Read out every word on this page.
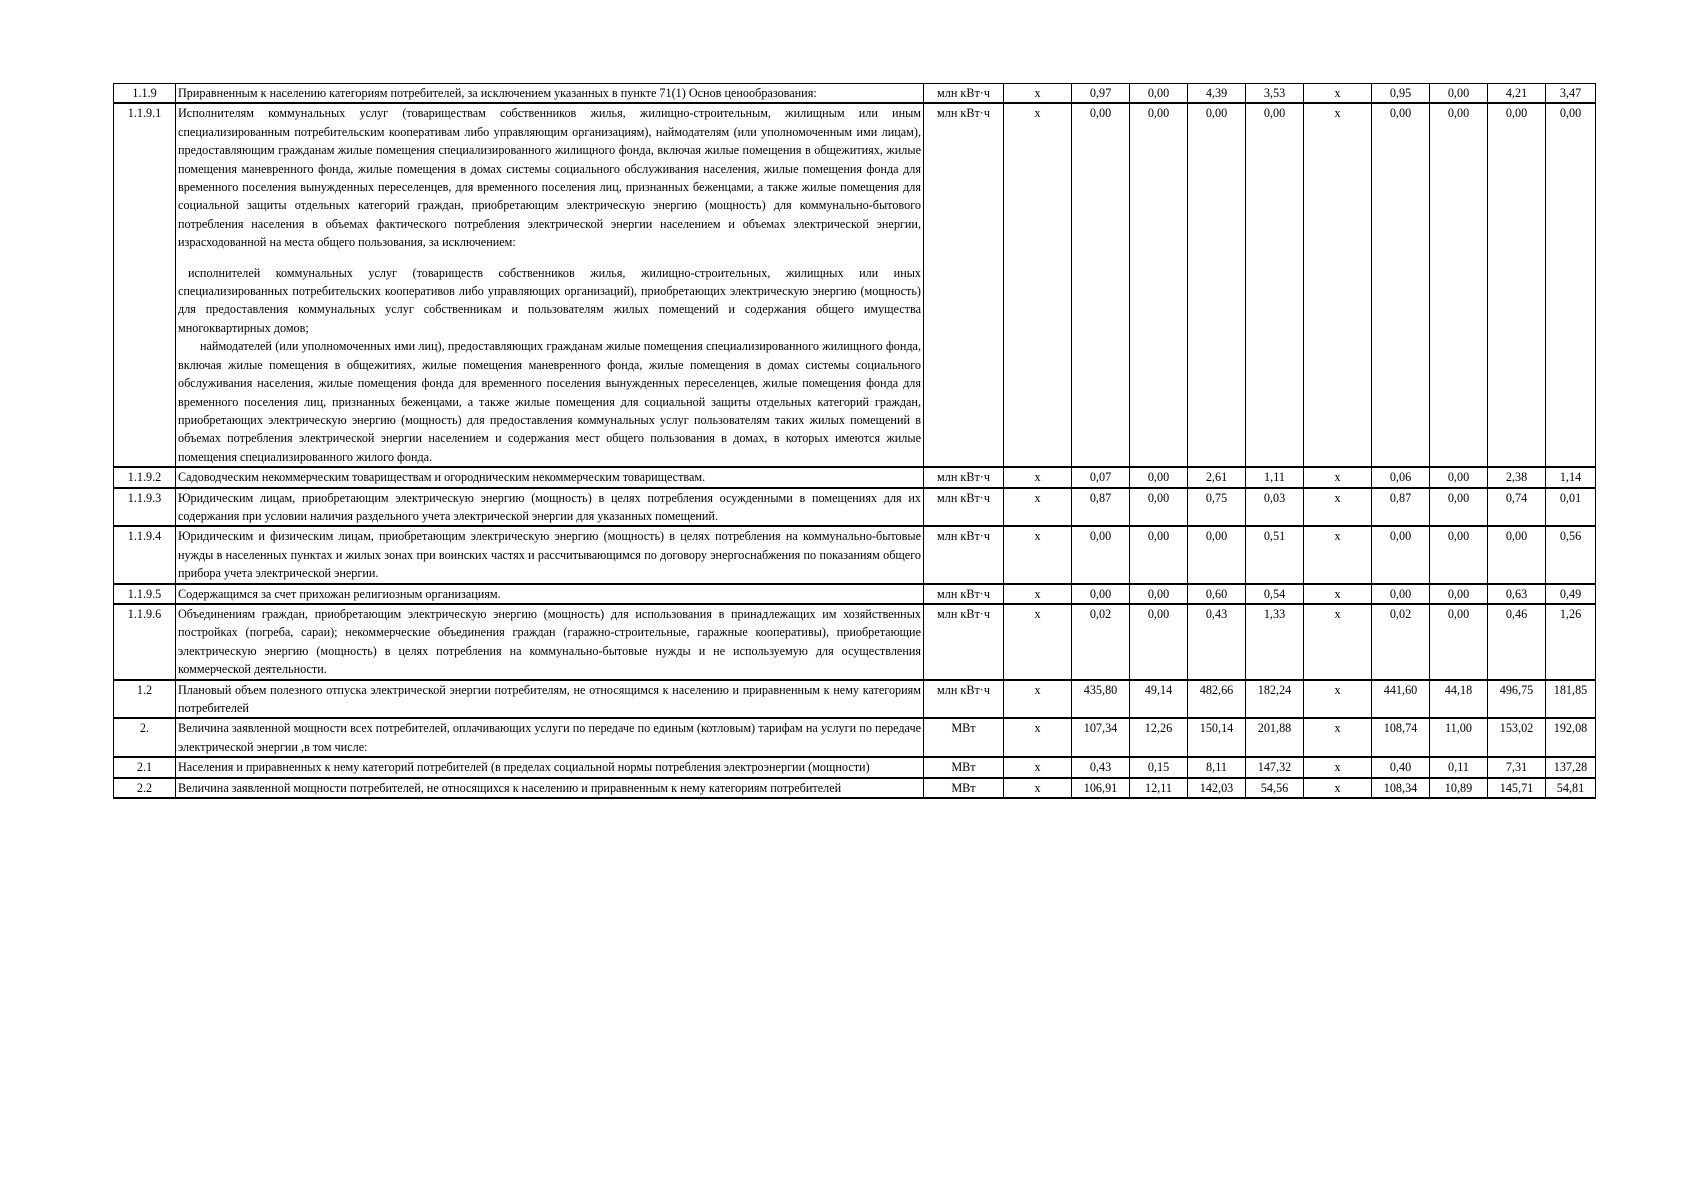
1.1.9	Приравненным к населению категориям потребителей, за исключением указанных в пункте 71(1) Основ ценообразования:	млн кВт·ч	x	0,97	0,00	4,39	3,53	x	0,95	0,00	4,21	3,47
1.1.9.1	Исполнителям коммунальных услуг (товариществам собственников жилья, жилищно-строительным, жилищным или иным специализированным потребительским кооперативам либо управляющим организациям), наймодателям (или уполномоченным ими лицам), предоставляющим гражданам жилые помещения специализированного жилищного фонда, включая жилые помещения в общежитиях, жилые помещения маневренного фонда, жилые помещения в домах системы социального обслуживания населения, жилые помещения фонда для временного поселения вынужденных переселенцев, для временного поселения лиц, признанных беженцами, а также жилые помещения для социальной защиты отдельных категорий граждан, приобретающим электрическую энергию (мощность) для коммунально-бытового потребления населения в объемах фактического потребления электрической энергии населением и объемах электрической энергии, израсходованной на места общего пользования, за исключением:

исполнителей коммунальных услуг (товариществ собственников жилья, жилищно-строительных, жилищных или иных специализированных потребительских кооперативов либо управляющих организаций), приобретающих электрическую энергию (мощность) для предоставления коммунальных услуг собственникам и пользователям жилых помещений и содержания общего имущества многоквартирных домов;

наймодателей (или уполномоченных ими лиц), предоставляющих гражданам жилые помещения специализированного жилищного фонда, включая жилые помещения в общежитиях, жилые помещения маневренного фонда, жилые помещения в домах системы социального обслуживания населения, жилые помещения фонда для временного поселения вынужденных переселенцев, жилые помещения фонда для временного поселения лиц, признанных беженцами, а также жилые помещения для социальной защиты отдельных категорий граждан, приобретающих электрическую энергию (мощность) для предоставления коммунальных услуг пользователям таких жилых помещений в объемах потребления электрической энергии населением и содержания мест общего пользования в домах, в которых имеются жилые помещения специализированного жилого фонда.	млн кВт·ч	x	0,00	0,00	0,00	0,00	x	0,00	0,00	0,00	0,00
1.1.9.2	Садоводческим некоммерческим товариществам и огородническим некоммерческим товариществам.	млн кВт·ч	x	0,07	0,00	2,61	1,11	x	0,06	0,00	2,38	1,14
1.1.9.3	Юридическим лицам, приобретающим электрическую энергию (мощность) в целях потребления осужденными в помещениях для их содержания при условии наличия раздельного учета электрической энергии для указанных помещений.	млн кВт·ч	x	0,87	0,00	0,75	0,03	x	0,87	0,00	0,74	0,01
1.1.9.4	Юридическим и физическим лицам, приобретающим электрическую энергию (мощность) в целях потребления на коммунально-бытовые нужды в населенных пунктах и жилых зонах при воинских частях и рассчитывающимся по договору энергоснабжения по показаниям общего прибора учета электрической энергии.	млн кВт·ч	x	0,00	0,00	0,00	0,51	x	0,00	0,00	0,00	0,56
1.1.9.5	Содержащимся за счет прихожан религиозным организациям.	млн кВт·ч	x	0,00	0,00	0,60	0,54	x	0,00	0,00	0,63	0,49
1.1.9.6	Объединениям граждан, приобретающим электрическую энергию (мощность) для использования в принадлежащих им хозяйственных постройках (погреба, сараи); некоммерческие объединения граждан (гаражно-строительные, гаражные кооперативы), приобретающие электрическую энергию (мощность) в целях потребления на коммунально-бытовые нужды и не используемую для осуществления коммерческой деятельности.	млн кВт·ч	x	0,02	0,00	0,43	1,33	x	0,02	0,00	0,46	1,26
1.2	Плановый объем полезного отпуска электрической энергии потребителям, не относящимся к населению и приравненным к нему категориям потребителей	млн кВт·ч	x	435,80	49,14	482,66	182,24	x	441,60	44,18	496,75	181,85
2.	Величина заявленной мощности всех потребителей, оплачивающих услуги по передаче по единым (котловым) тарифам на услуги по передаче электрической энергии ,в том числе:	МВт	x	107,34	12,26	150,14	201,88	x	108,74	11,00	153,02	192,08
2.1	Населения и приравненных к нему категорий потребителей (в пределах социальной нормы потребления электроэнергии (мощности)	МВт	x	0,43	0,15	8,11	147,32	x	0,40	0,11	7,31	137,28
2.2	Величина заявленной мощности потребителей, не относящихся к населению и приравненным к нему категориям потребителей	МВт	x	106,91	12,11	142,03	54,56	x	108,34	10,89	145,71	54,81
